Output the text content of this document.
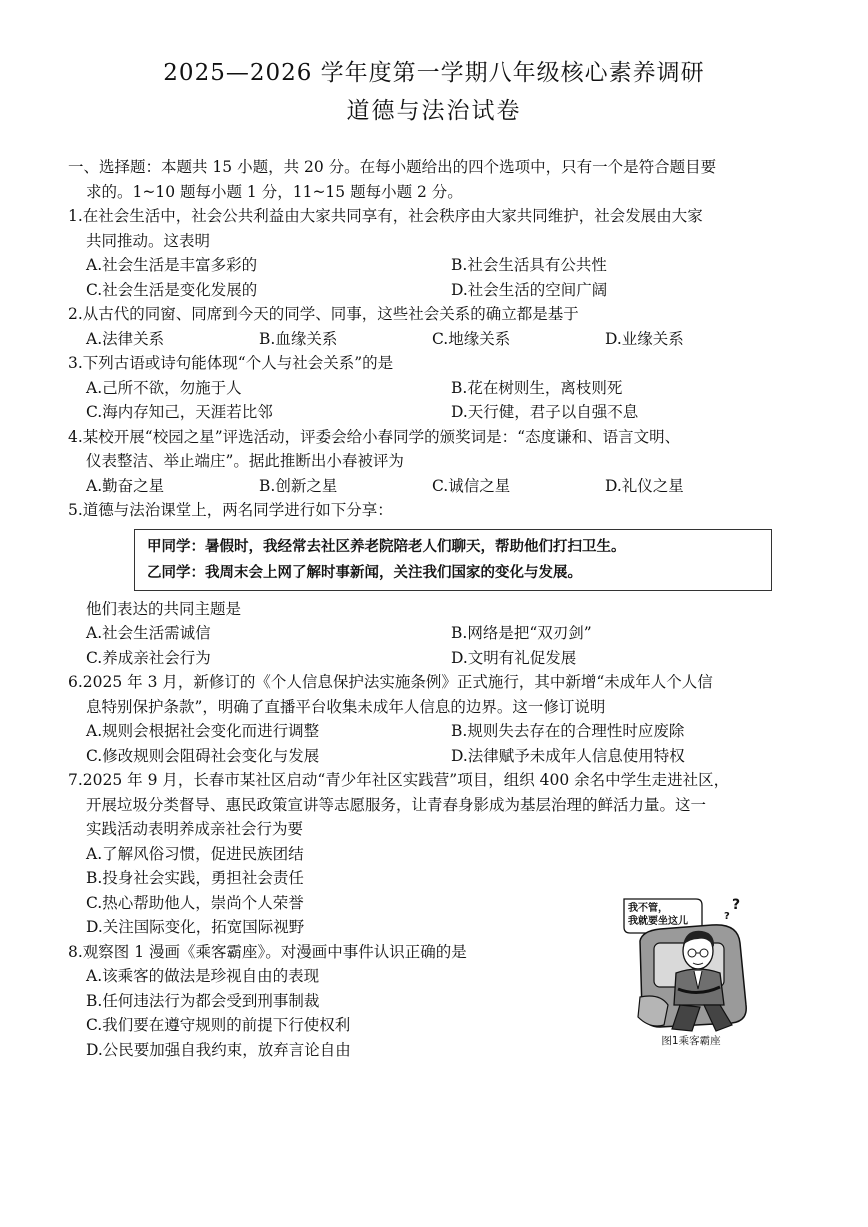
2025—2026 学年度第一学期八年级核心素养调研
道德与法治试卷
一、选择题：本题共 15 小题，共 20 分。在每小题给出的四个选项中，只有一个是符合题目要
求的。1~10 题每小题 1 分，11~15 题每小题 2 分。
1.在社会生活中，社会公共利益由大家共同享有，社会秩序由大家共同维护，社会发展由大家
共同推动。这表明
A.社会生活是丰富多彩的	B.社会生活具有公共性
C.社会生活是变化发展的	D.社会生活的空间广阔
2.从古代的同窗、同席到今天的同学、同事，这些社会关系的确立都是基于
A.法律关系	B.血缘关系	C.地缘关系	D.业缘关系
3.下列古语或诗句能体现“个人与社会关系”的是
A.己所不欲，勿施于人	B.花在树则生，离枝则死
C.海内存知己，天涯若比邻	D.天行健，君子以自强不息
4.某校开展“校园之星”评选活动，评委会给小春同学的颁奖词是：“态度谦和、语言文明、
仪表整洁、举止端庄”。据此推断出小春被评为
A.勤奋之星	B.创新之星	C.诚信之星	D.礼仪之星
5.道德与法治课堂上，两名同学进行如下分享：
甲同学：暑假时，我经常去社区养老院陪老人们聊天，帮助他们打扫卫生。
乙同学：我周末会上网了解时事新闻，关注我们国家的变化与发展。
他们表达的共同主题是
A.社会生活需诚信	B.网络是把“双刃剑”
C.养成亲社会行为	D.文明有礼促发展
6.2025 年 3 月，新修订的《个人信息保护法实施条例》正式施行，其中新增“未成年人个人信
息特别保护条款”，明确了直播平台收集未成年人信息的边界。这一修订说明
A.规则会根据社会变化而进行调整	B.规则失去存在的合理性时应废除
C.修改规则会阻碍社会变化与发展	D.法律赋予未成年人信息使用特权
7.2025 年 9 月，长春市某社区启动“青少年社区实践营”项目，组织 400 余名中学生走进社区，
开展垃圾分类督导、惠民政策宣讲等志愿服务，让青春身影成为基层治理的鲜活力量。这一
实践活动表明养成亲社会行为要
A.了解风俗习惯，促进民族团结
B.投身社会实践，勇担社会责任
C.热心帮助他人，崇尚个人荣誉
D.关注国际变化，拓宽国际视野
8.观察图 1 漫画《乘客霸座》。对漫画中事件认识正确的是
A.该乘客的做法是珍视自由的表现
B.任何违法行为都会受到刑事制裁
C.我们要在遵守规则的前提下行使权利
D.公民要加强自我约束，放弃言论自由
?
?
我不管，
我就要坐这儿
图1乘客霸座
